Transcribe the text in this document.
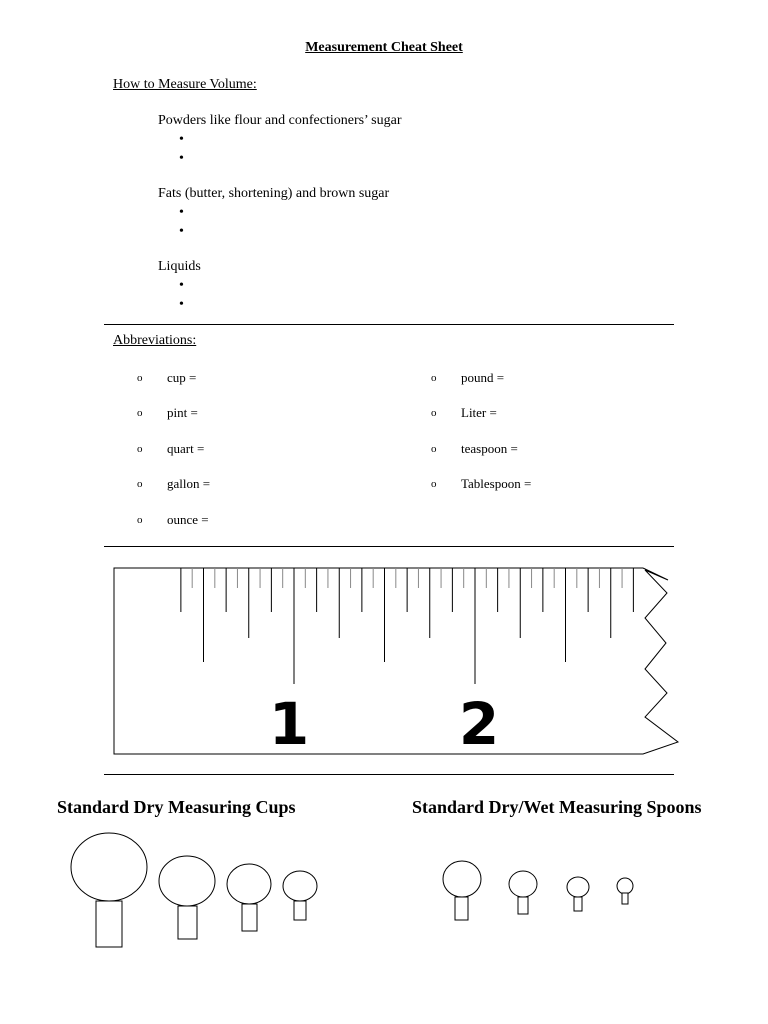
Measurement Cheat Sheet
How to Measure Volume:
Powders like flour and confectioners’ sugar
•
•
Fats (butter, shortening) and brown sugar
•
•
Liquids
•
•
Abbreviations:
o	cup =
o	pint =
o	quart =
o	gallon =
o	ounce =
o	pound =
o	Liter =
o	teaspoon =
o	Tablespoon =
1	2
Standard Dry Measuring Cups	Standard Dry/Wet Measuring Spoons
